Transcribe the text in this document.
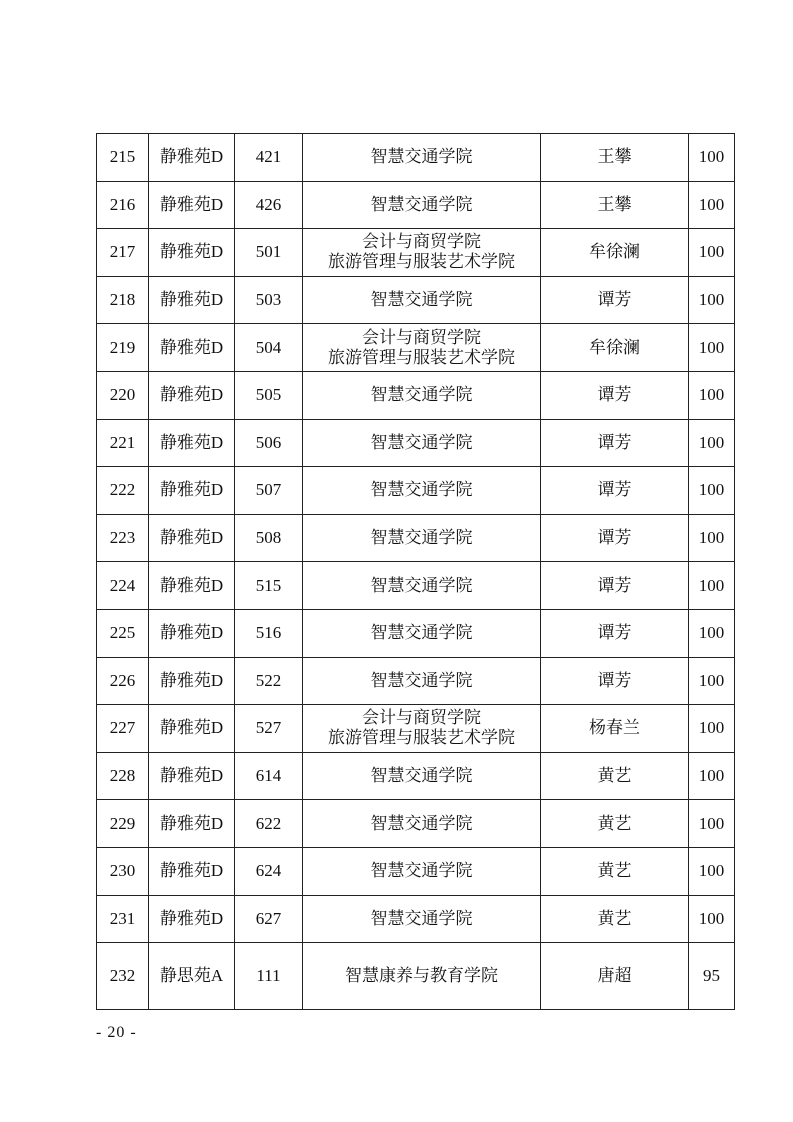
215	静雅苑D	421	智慧交通学院	王攀	100
216	静雅苑D	426	智慧交通学院	王攀	100
217	静雅苑D	501	会计与商贸学院
旅游管理与服装艺术学院	牟徐澜	100
218	静雅苑D	503	智慧交通学院	谭芳	100
219	静雅苑D	504	会计与商贸学院
旅游管理与服装艺术学院	牟徐澜	100
220	静雅苑D	505	智慧交通学院	谭芳	100
221	静雅苑D	506	智慧交通学院	谭芳	100
222	静雅苑D	507	智慧交通学院	谭芳	100
223	静雅苑D	508	智慧交通学院	谭芳	100
224	静雅苑D	515	智慧交通学院	谭芳	100
225	静雅苑D	516	智慧交通学院	谭芳	100
226	静雅苑D	522	智慧交通学院	谭芳	100
227	静雅苑D	527	会计与商贸学院
旅游管理与服装艺术学院	杨春兰	100
228	静雅苑D	614	智慧交通学院	黄艺	100
229	静雅苑D	622	智慧交通学院	黄艺	100
230	静雅苑D	624	智慧交通学院	黄艺	100
231	静雅苑D	627	智慧交通学院	黄艺	100
232	静思苑A	111	智慧康养与教育学院	唐超	95
- 20 -
